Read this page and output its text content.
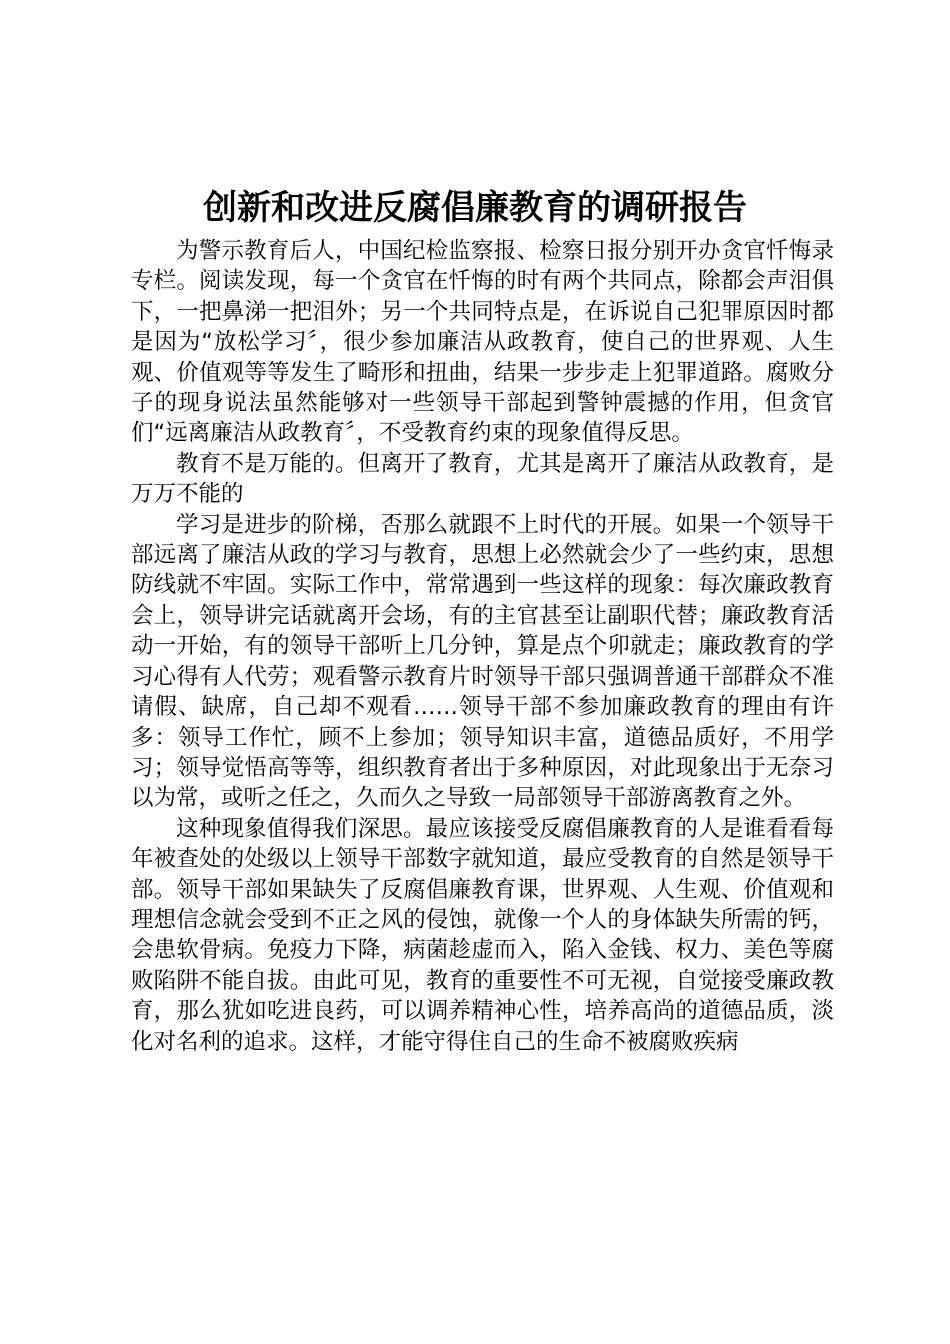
创新和改进反腐倡廉教育的调研报告

为警示教育后人，中国纪检监察报、检察日报分别开办贪官忏悔录专栏。阅读发现，每一个贪官在忏悔的时有两个共同点，除都会声泪俱下，一把鼻涕一把泪外；另一个共同特点是，在诉说自己犯罪原因时都是因为“放松学习〞，很少参加廉洁从政教育，使自己的世界观、人生观、价值观等等发生了畸形和扭曲，结果一步步走上犯罪道路。腐败分子的现身说法虽然能够对一些领导干部起到警钟震撼的作用，但贪官们“远离廉洁从政教育〞，不受教育约束的现象值得反思。

教育不是万能的。但离开了教育，尤其是离开了廉洁从政教育，是万万不能的

学习是进步的阶梯，否那么就跟不上时代的开展。如果一个领导干部远离了廉洁从政的学习与教育，思想上必然就会少了一些约束，思想防线就不牢固。实际工作中，常常遇到一些这样的现象：每次廉政教育会上，领导讲完话就离开会场，有的主官甚至让副职代替；廉政教育活动一开始，有的领导干部听上几分钟，算是点个卯就走；廉政教育的学习心得有人代劳；观看警示教育片时领导干部只强调普通干部群众不准请假、缺席，自己却不观看……领导干部不参加廉政教育的理由有许多：领导工作忙，顾不上参加；领导知识丰富，道德品质好，不用学习；领导觉悟高等等，组织教育者出于多种原因，对此现象出于无奈习以为常，或听之任之，久而久之导致一局部领导干部游离教育之外。

这种现象值得我们深思。最应该接受反腐倡廉教育的人是谁看看每年被查处的处级以上领导干部数字就知道，最应受教育的自然是领导干部。领导干部如果缺失了反腐倡廉教育课，世界观、人生观、价值观和理想信念就会受到不正之风的侵蚀，就像一个人的身体缺失所需的钙，会患软骨病。免疫力下降，病菌趁虚而入，陷入金钱、权力、美色等腐败陷阱不能自拔。由此可见，教育的重要性不可无视，自觉接受廉政教育，那么犹如吃进良药，可以调养精神心性，培养高尚的道德品质，淡化对名利的追求。这样，才能守得住自己的生命不被腐败疾病
